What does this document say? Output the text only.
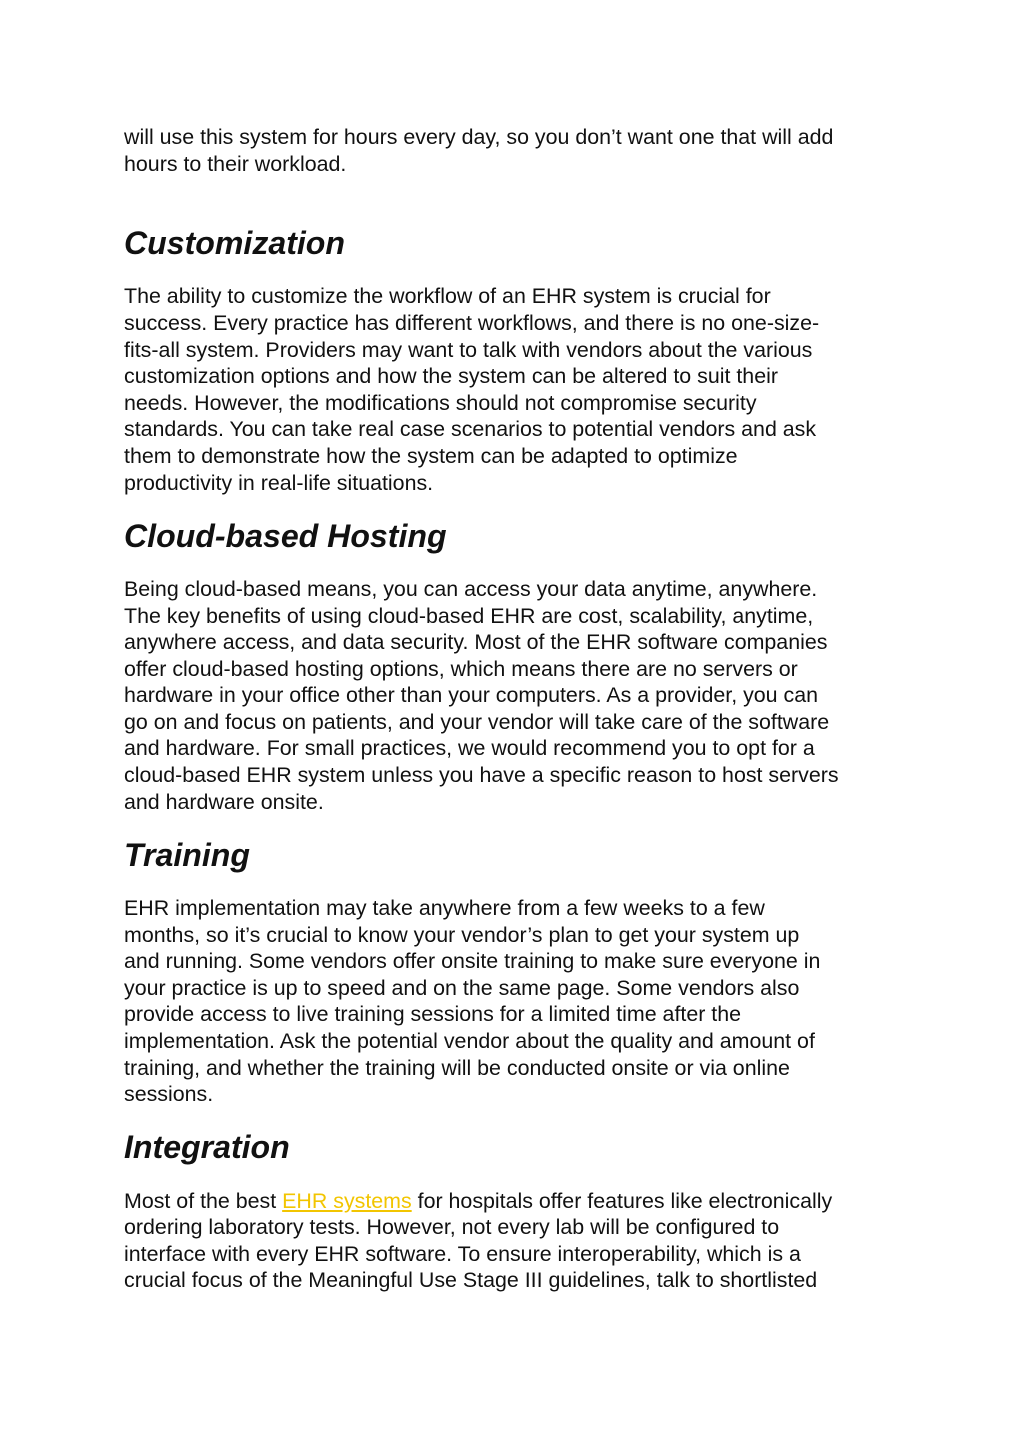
will use this system for hours every day, so you don’t want one that will add
hours to their workload.

Customization

The ability to customize the workflow of an EHR system is crucial for
success. Every practice has different workflows, and there is no one-size-
fits-all system. Providers may want to talk with vendors about the various
customization options and how the system can be altered to suit their
needs. However, the modifications should not compromise security
standards. You can take real case scenarios to potential vendors and ask
them to demonstrate how the system can be adapted to optimize
productivity in real-life situations.

Cloud-based Hosting

Being cloud-based means, you can access your data anytime, anywhere.
The key benefits of using cloud-based EHR are cost, scalability, anytime,
anywhere access, and data security. Most of the EHR software companies
offer cloud-based hosting options, which means there are no servers or
hardware in your office other than your computers. As a provider, you can
go on and focus on patients, and your vendor will take care of the software
and hardware. For small practices, we would recommend you to opt for a
cloud-based EHR system unless you have a specific reason to host servers
and hardware onsite.

Training

EHR implementation may take anywhere from a few weeks to a few
months, so it’s crucial to know your vendor’s plan to get your system up
and running. Some vendors offer onsite training to make sure everyone in
your practice is up to speed and on the same page. Some vendors also
provide access to live training sessions for a limited time after the
implementation. Ask the potential vendor about the quality and amount of
training, and whether the training will be conducted onsite or via online
sessions.

Integration

Most of the best EHR systems for hospitals offer features like electronically
ordering laboratory tests. However, not every lab will be configured to
interface with every EHR software. To ensure interoperability, which is a
crucial focus of the Meaningful Use Stage III guidelines, talk to shortlisted
